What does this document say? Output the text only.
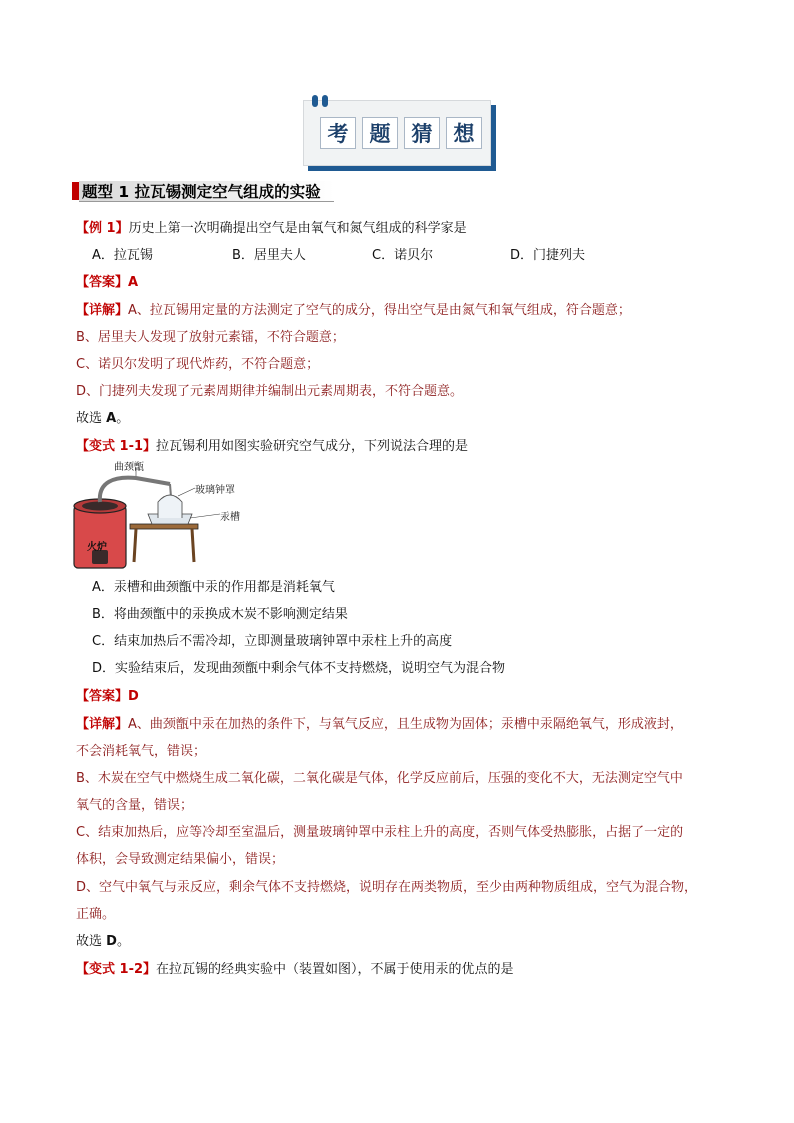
考	题	猜	想
题型 1 拉瓦锡测定空气组成的实验
【例 1】历史上第一次明确提出空气是由氧气和氮气组成的科学家是
A．拉瓦锡	B．居里夫人	C．诺贝尔	D．门捷列夫
【答案】A
【详解】A、拉瓦锡用定量的方法测定了空气的成分，得出空气是由氮气和氧气组成，符合题意；
B、居里夫人发现了放射元素镭，不符合题意；
C、诺贝尔发明了现代炸药，不符合题意；
D、门捷列夫发现了元素周期律并编制出元素周期表，不符合题意。
故选 A。
【变式 1-1】拉瓦锡利用如图实验研究空气成分，下列说法合理的是
曲颈甑
玻璃钟罩
汞槽
火炉
A．汞槽和曲颈甑中汞的作用都是消耗氧气
B．将曲颈甑中的汞换成木炭不影响测定结果
C．结束加热后不需冷却，立即测量玻璃钟罩中汞柱上升的高度
D．实验结束后，发现曲颈甑中剩余气体不支持燃烧，说明空气为混合物
【答案】D
【详解】A、曲颈甑中汞在加热的条件下，与氧气反应，且生成物为固体；汞槽中汞隔绝氧气，形成液封，
不会消耗氧气，错误；
B、木炭在空气中燃烧生成二氧化碳，二氧化碳是气体，化学反应前后，压强的变化不大，无法测定空气中
氧气的含量，错误；
C、结束加热后，应等冷却至室温后，测量玻璃钟罩中汞柱上升的高度，否则气体受热膨胀，占据了一定的
体积，会导致测定结果偏小，错误；
D、空气中氧气与汞反应，剩余气体不支持燃烧，说明存在两类物质，至少由两种物质组成，空气为混合物，
正确。
故选 D。
【变式 1-2】在拉瓦锡的经典实验中（装置如图），不属于使用汞的优点的是
